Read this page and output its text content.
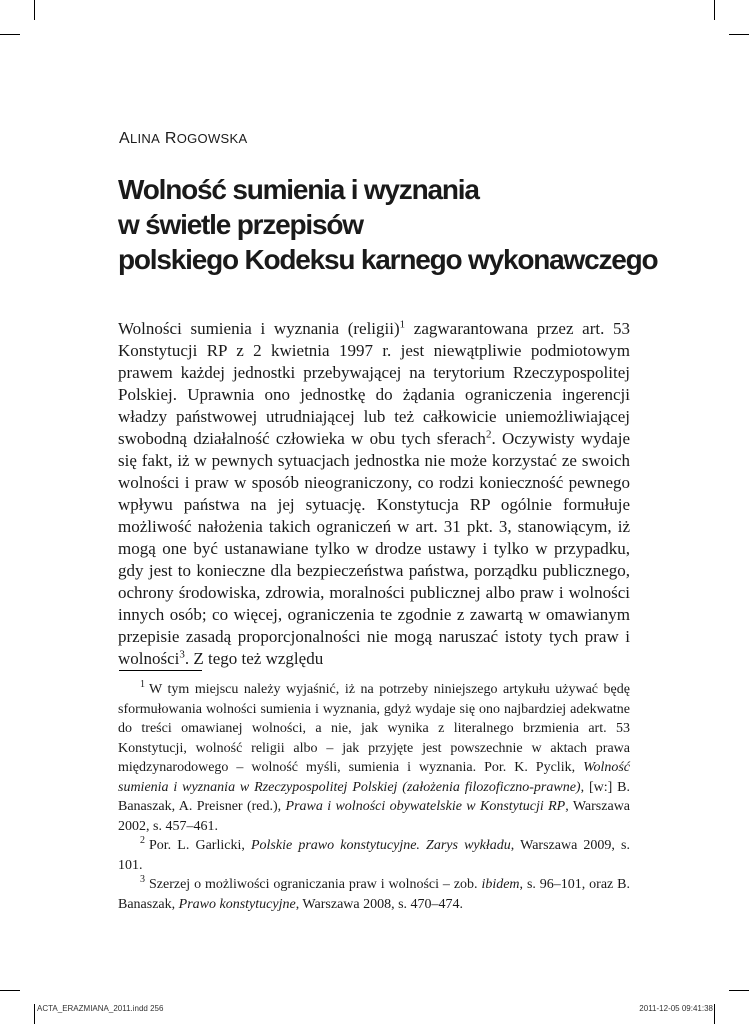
ALINA ROGOWSKA
Wolność sumienia i wyznania
w świetle przepisów
polskiego Kodeksu karnego wykonawczego
Wolności sumienia i wyznania (religii)$^1$ zagwarantowana przez art. 53 Konstytucji RP z 2 kwietnia 1997 r. jest niewątpliwie podmiotowym prawem każdej jednostki przebywającej na terytorium Rzeczypospolitej Polskiej. Uprawnia ono jednostkę do żądania ograniczenia ingerencji władzy państwowej utrudniającej lub też całkowicie uniemożliwiającej swobodną działalność człowieka w obu tych sferach$^2$. Oczywisty wydaje się fakt, iż w pewnych sytuacjach jednostka nie może korzystać ze swoich wolności i praw w sposób nieograniczony, co rodzi konieczność pewnego wpływu państwa na jej sytuację. Konstytucja RP ogólnie formułuje możliwość nałożenia takich ograniczeń w art. 31 pkt. 3, stanowiącym, iż mogą one być ustanawiane tylko w drodze ustawy i tylko w przypadku, gdy jest to konieczne dla bezpieczeństwa państwa, porządku publicznego, ochrony środowiska, zdrowia, moralności publicznej albo praw i wolności innych osób; co więcej, ograniczenia te zgodnie z zawartą w omawianym przepisie zasadą proporcjonalności nie mogą naruszać istoty tych praw i wolności$^3$. Z tego też względu
$^1$ W tym miejscu należy wyjaśnić, iż na potrzeby niniejszego artykułu używać będę sformułowania wolności sumienia i wyznania, gdyż wydaje się ono najbardziej adekwatne do treści omawianej wolności, a nie, jak wynika z literalnego brzmienia art. 53 Konstytucji, wolność religii albo – jak przyjęte jest powszechnie w aktach prawa międzynarodowego – wolność myśli, sumienia i wyznania. Por. K. Pyclik, Wolność sumienia i wyznania w Rzeczypospolitej Polskiej (założenia filozoficzno-prawne), [w:] B. Banaszak, A. Preisner (red.), Prawa i wolności obywatelskie w Konstytucji RP, Warszawa 2002, s. 457–461.
$^2$ Por. L. Garlicki, Polskie prawo konstytucyjne. Zarys wykładu, Warszawa 2009, s. 101.
$^3$ Szerzej o możliwości ograniczania praw i wolności – zob. ibidem, s. 96–101, oraz B. Banaszak, Prawo konstytucyjne, Warszawa 2008, s. 470–474.
ACTA_ERAZMIANA_2011.indd 256	2011-12-05 09:41:38
